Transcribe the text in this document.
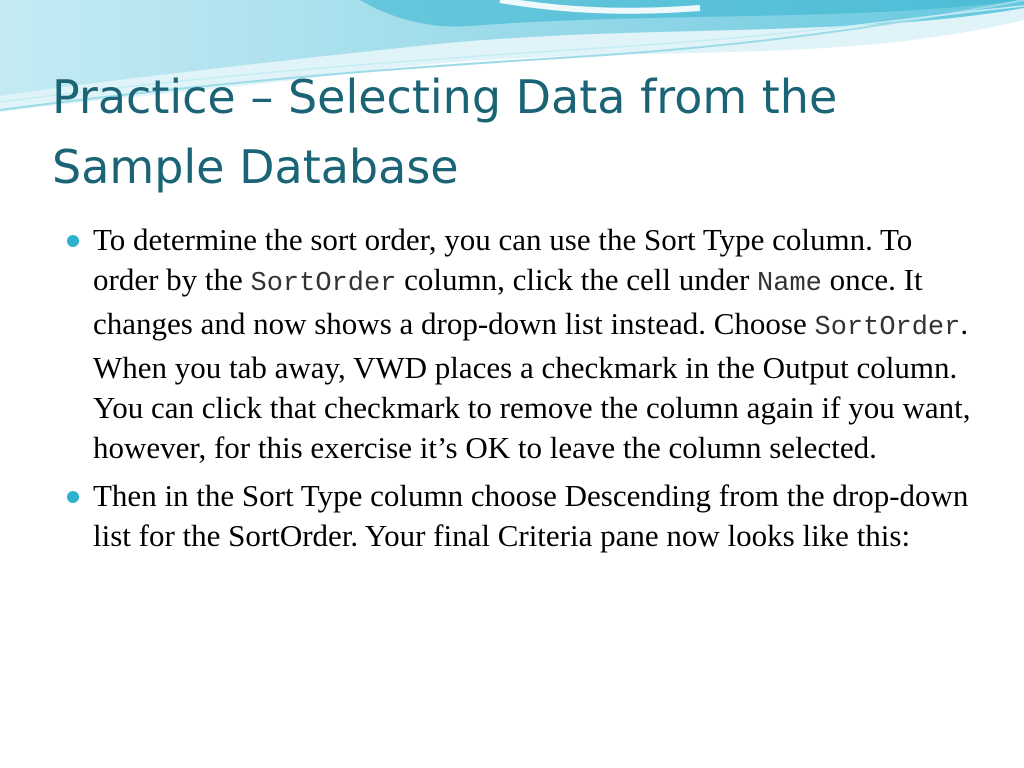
Practice – Selecting Data from the Sample Database
To determine the sort order, you can use the Sort Type column. To order by the SortOrder column, click the cell under Name once. It changes and now shows a drop-down list instead. Choose SortOrder. When you tab away, VWD places a checkmark in the Output column. You can click that checkmark to remove the column again if you want, however, for this exercise it’s OK to leave the column selected.
Then in the Sort Type column choose Descending from the drop-down list for the SortOrder. Your final Criteria pane now looks like this:
